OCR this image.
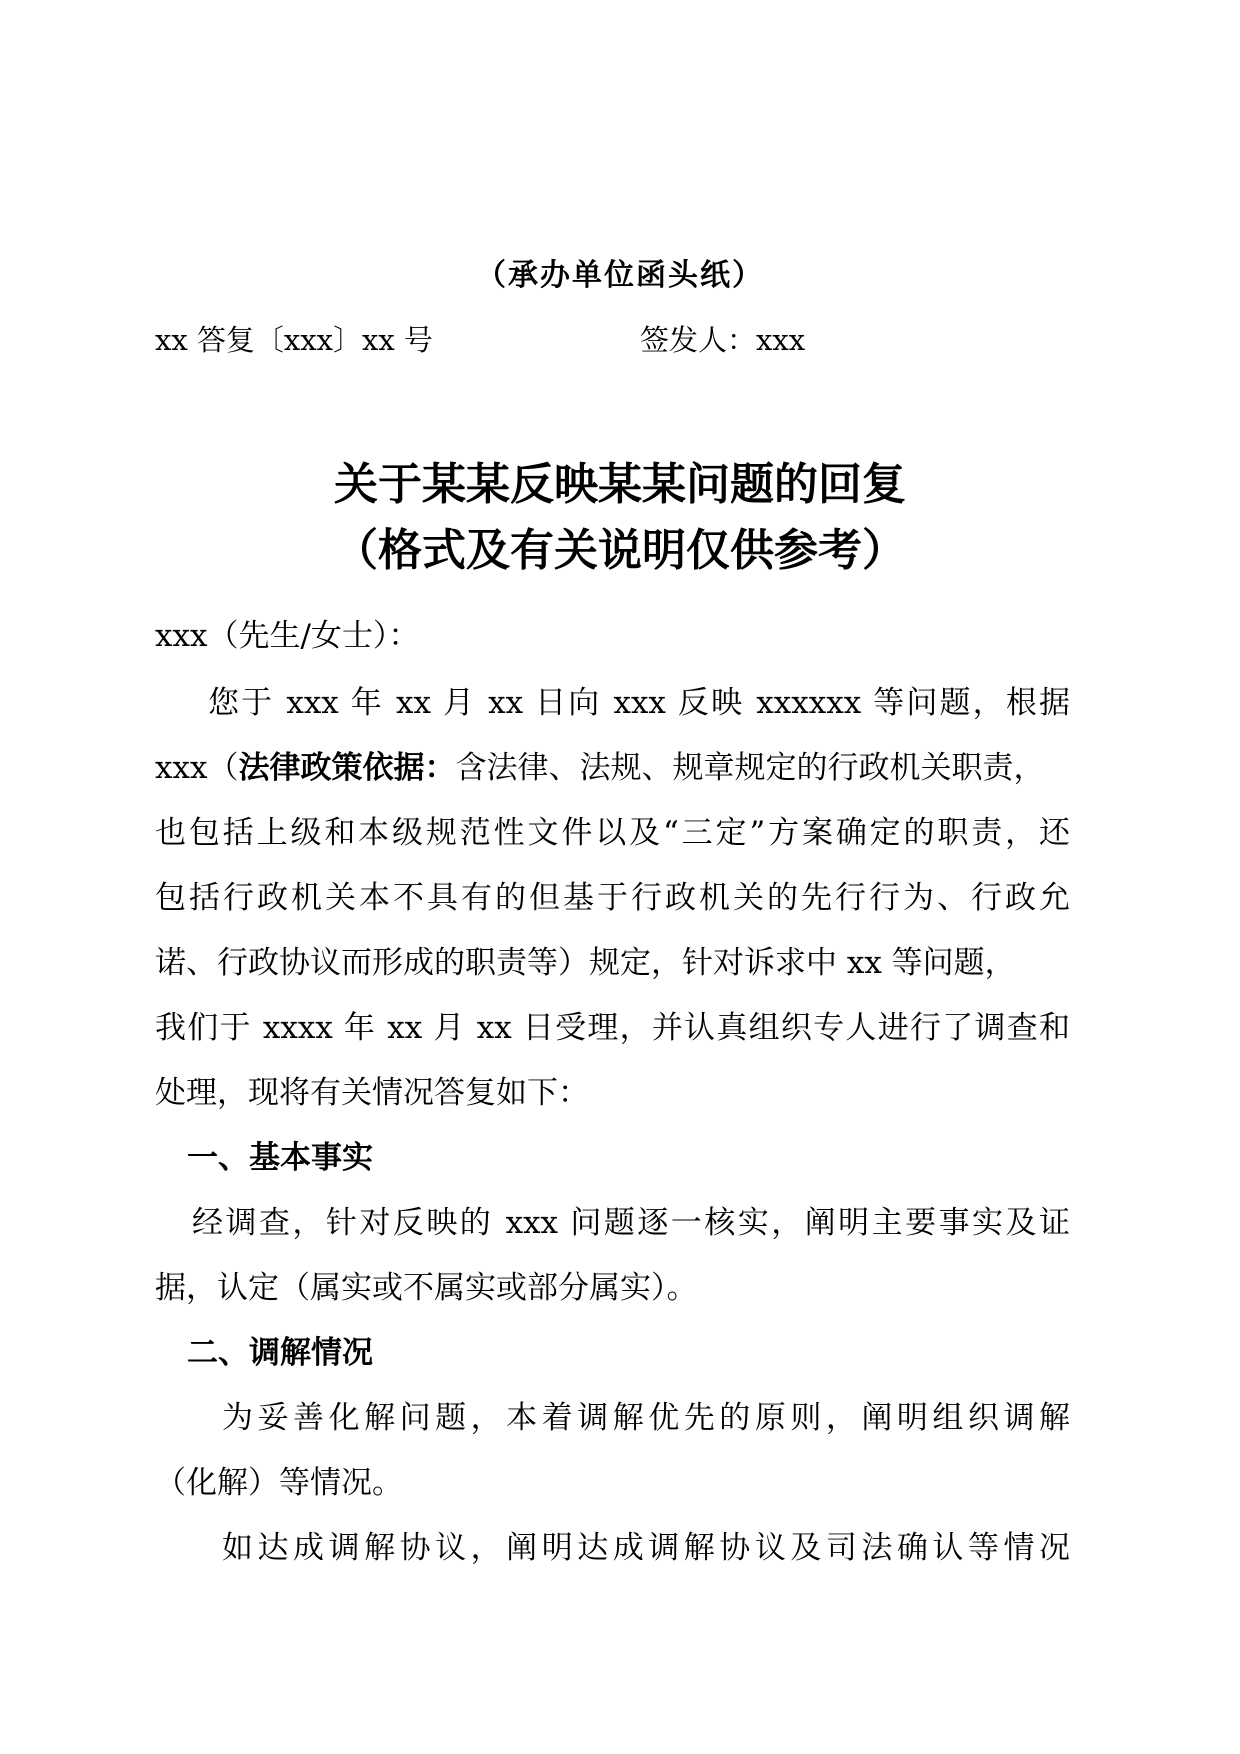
（承办单位函头纸）
xx 答复〔xxx〕xx 号	签发人：xxx
关于某某反映某某问题的回复
（格式及有关说明仅供参考）
xxx（先生/女士）：
您于 xxx 年 xx 月 xx 日向 xxx 反映 xxxxxx 等问题，根据
xxx（法律政策依据：含法律、法规、规章规定的行政机关职责，
也包括上级和本级规范性文件以及“三定”方案确定的职责，还
包括行政机关本不具有的但基于行政机关的先行行为、行政允
诺、行政协议而形成的职责等）规定，针对诉求中 xx 等问题，
我们于 xxxx 年 xx 月 xx 日受理，并认真组织专人进行了调查和
处理，现将有关情况答复如下：
一、基本事实
经调查，针对反映的 xxx 问题逐一核实，阐明主要事实及证
据，认定（属实或不属实或部分属实）。
二、调解情况
为妥善化解问题，本着调解优先的原则，阐明组织调解
（化解）等情况。
如达成调解协议，阐明达成调解协议及司法确认等情况
